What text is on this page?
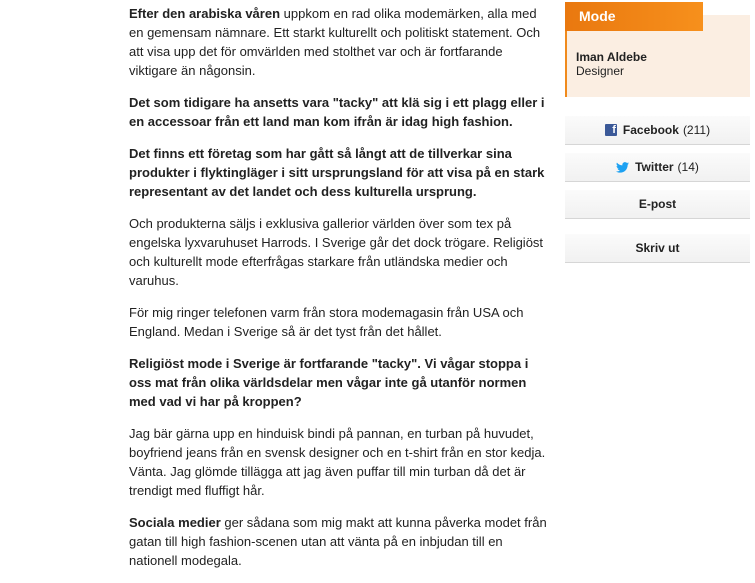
Efter den arabiska våren uppkom en rad olika modemärken, alla med en gemensam nämnare. Ett starkt kulturellt och politiskt statement. Och att visa upp det för omvärlden med stolthet var och är fortfarande viktigare än någonsin.

Det som tidigare ha ansetts vara "tacky" att klä sig i ett plagg eller i en accessoar från ett land man kom ifrån är idag high fashion.

Det finns ett företag som har gått så långt att de tillverkar sina produkter i flyktingläger i sitt ursprungsland för att visa på en stark representant av det landet och dess kulturella ursprung.

Och produkterna säljs i exklusiva gallerior världen över som tex på engelska lyxvaruhuset Harrods. I Sverige går det dock trögare. Religiöst och kulturellt mode efterfrågas starkare från utländska medier och varuhus.

För mig ringer telefonen varm från stora modemagasin från USA och England. Medan i Sverige så är det tyst från det hållet.

Religiöst mode i Sverige är fortfarande "tacky". Vi vågar stoppa i oss mat från olika världsdelar men vågar inte gå utanför normen med vad vi har på kroppen?

Jag bär gärna upp en hinduisk bindi på pannan, en turban på huvudet, boyfriend jeans från en svensk designer och en t-shirt från en stor kedja. Vänta. Jag glömde tillägga att jag även puffar till min turban då det är trendigt med fluffigt hår.

Sociala medier ger sådana som mig makt att kunna påverka modet från gatan till high fashion-scenen utan att vänta på en inbjudan till en nationell modegala.

Mode
Iman Aldebe
Designer
f Facebook (211)
Twitter (14)
E-post
Skriv ut
